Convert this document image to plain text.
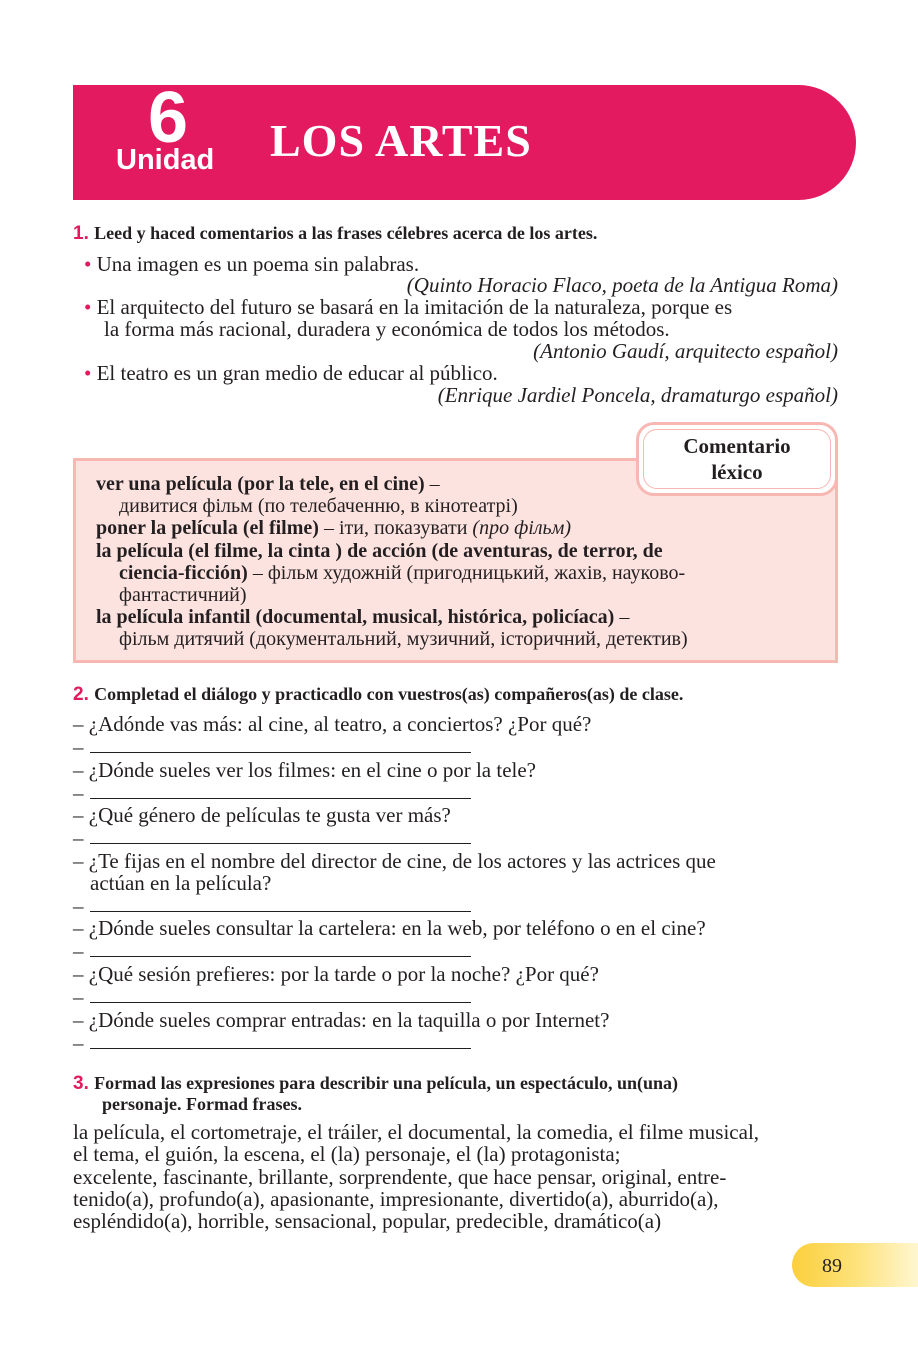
6
Unidad LOS ARTES
1. Leed y haced comentarios a las frases célebres acerca de los artes.
• Una imagen es un poema sin palabras.
(Quinto Horacio Flaco, poeta de la Antigua Roma)
• El arquitecto del futuro se basará en la imitación de la naturaleza, porque es
la forma más racional, duradera y económica de todos los métodos.
(Antonio Gaudí, arquitecto español)
• El teatro es un gran medio de educar al público.
(Enrique Jardiel Poncela, dramaturgo español)
Comentario
léxico
ver una película (por la tele, en el cine) –
дивитися фільм (по телебаченню, в кінотеатрі)
poner la película (el filme) – іти, показувати (про фільм)
la película (el filme, la cinta ) de acción (de aventuras, de terror, de
ciencia-ficción) – фільм художній (пригодницький, жахів, науково-
фантастичний)
la película infantil (documental, musical, histórica, policíaca) –
фільм дитячий (документальний, музичний, історичний, детектив)
2. Completad el diálogo y practicadlo con vuestros(as) compañeros(as) de clase.
– ¿Adónde vas más: al cine, al teatro, a conciertos? ¿Por qué?
–
– ¿Dónde sueles ver los filmes: en el cine o por la tele?
–
– ¿Qué género de películas te gusta ver más?
–
– ¿Te fijas en el nombre del director de cine, de los actores y las actrices que
actúan en la película?
–
– ¿Dónde sueles consultar la cartelera: en la web, por teléfono o en el cine?
–
– ¿Qué sesión prefieres: por la tarde o por la noche? ¿Por qué?
–
– ¿Dónde sueles comprar entradas: en la taquilla o por Internet?
–
3. Formad las expresiones para describir una película, un espectáculo, un(una)
personaje. Formad frases.
la película, el cortometraje, el tráiler, el documental, la comedia, el filme musical,
el tema, el guión, la escena, el (la) personaje, el (la) protagonista;
excelente, fascinante, brillante, sorprendente, que hace pensar, original, entre-
tenido(a), profundo(a), apasionante, impresionante, divertido(a), aburrido(a),
espléndido(a), horrible, sensacional, popular, predecible, dramático(a)
89
